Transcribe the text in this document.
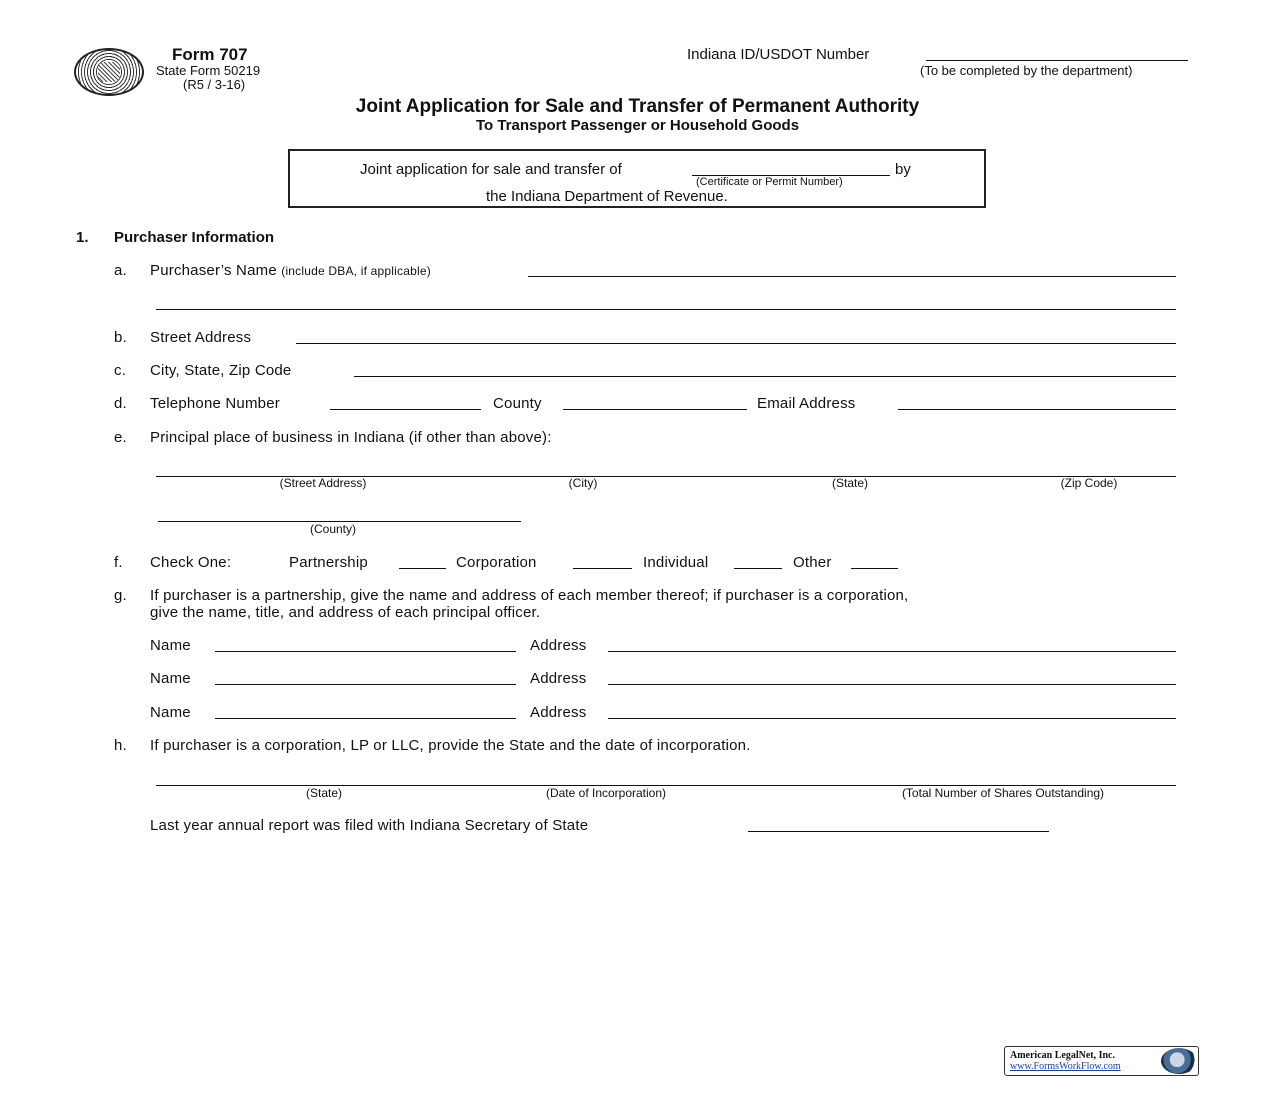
Form 707
State Form 50219
(R5 / 3-16)
Indiana ID/USDOT Number
(To be completed by the department)
Joint Application for Sale and Transfer of Permanent Authority
To Transport Passenger or Household Goods
Joint application for sale and transfer of	by
(Certificate or Permit Number)
the Indiana Department of Revenue.
1. Purchaser Information
a. Purchaser’s Name (include DBA, if applicable)
b. Street Address
c. City, State, Zip Code
d. Telephone Number	County	Email Address
e. Principal place of business in Indiana (if other than above):
(Street Address)	(City)	(State)	(Zip Code)
(County)
f. Check One:	Partnership	Corporation	Individual	Other
g. If purchaser is a partnership, give the name and address of each member thereof; if purchaser is a corporation,
give the name, title, and address of each principal officer.
Name	Address
Name	Address
Name	Address
h. If purchaser is a corporation, LP or LLC, provide the State and the date of incorporation.
(State)	(Date of Incorporation)	(Total Number of Shares Outstanding)
Last year annual report was filed with Indiana Secretary of State
American LegalNet, Inc.
www.FormsWorkFlow.com
